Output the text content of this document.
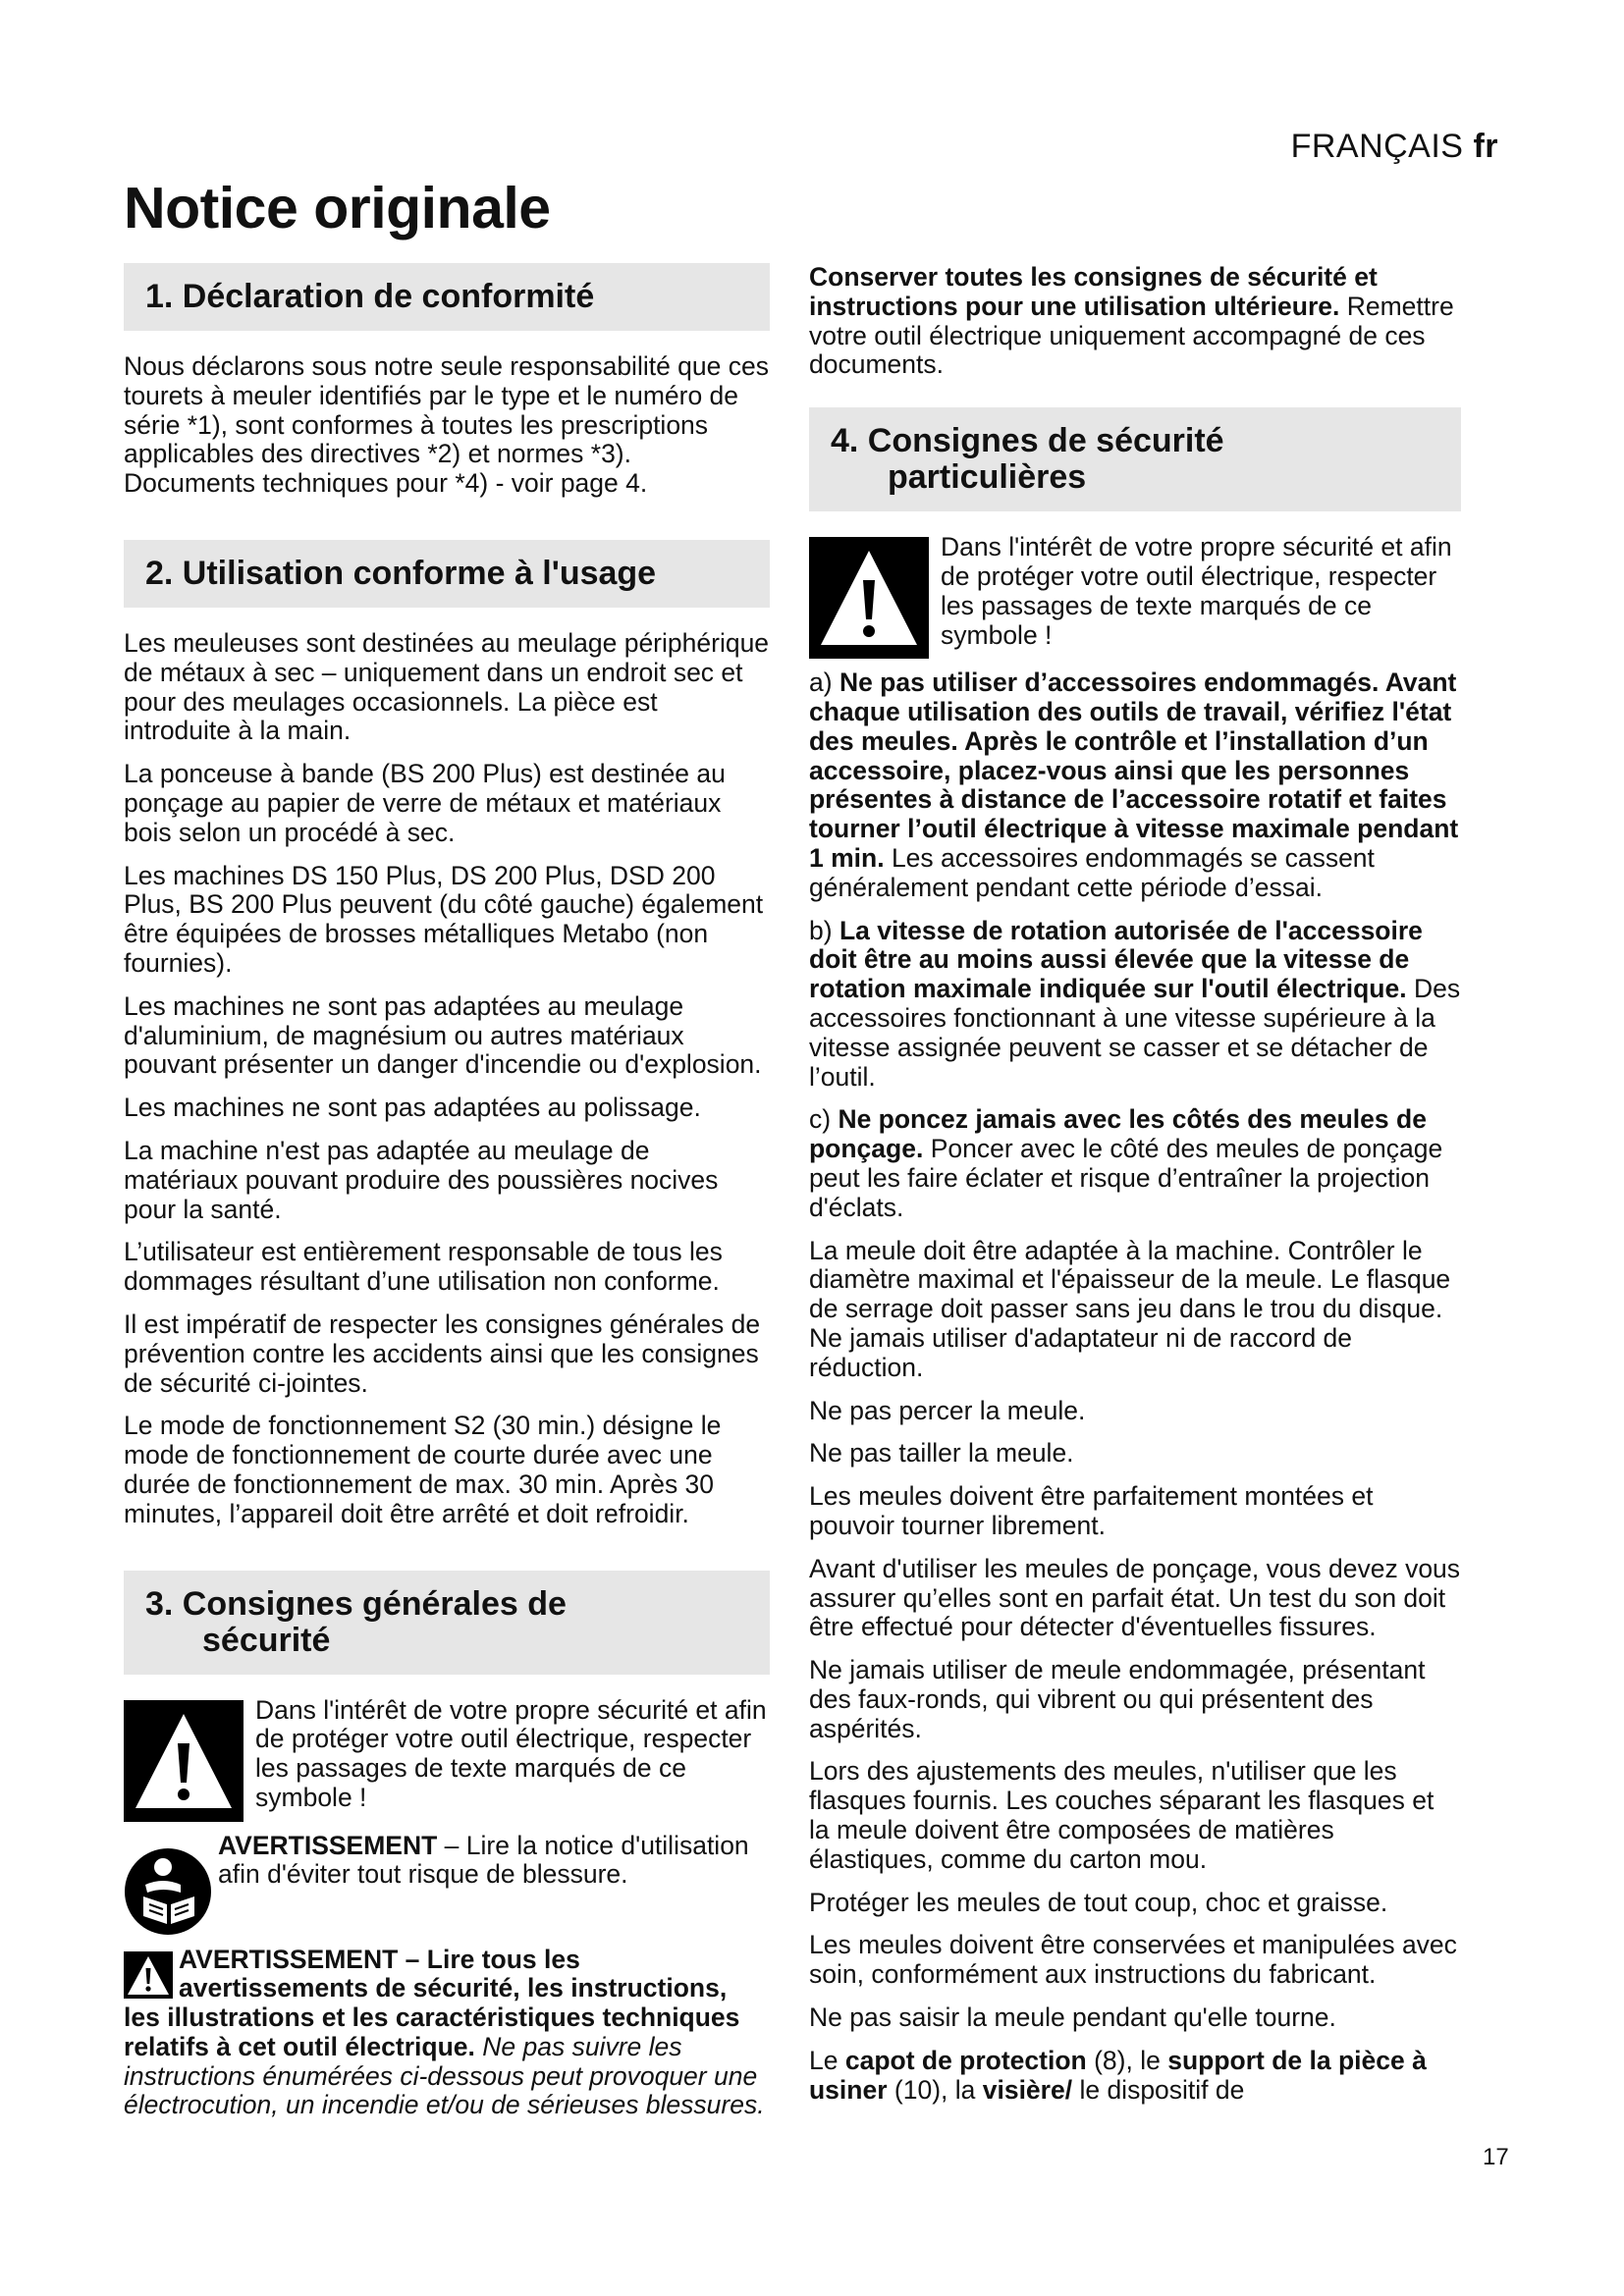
FRANÇAIS fr
Notice originale
1. Déclaration de conformité

Nous déclarons sous notre seule responsabilité que ces tourets à meuler identifiés par le type et le numéro de série *1), sont conformes à toutes les prescriptions applicables des directives *2) et normes *3). Documents techniques pour *4) - voir page 4.

2. Utilisation conforme à l'usage

Les meuleuses sont destinées au meulage périphérique de métaux à sec – uniquement dans un endroit sec et pour des meulages occasionnels. La pièce est introduite à la main.

La ponceuse à bande (BS 200 Plus) est destinée au ponçage au papier de verre de métaux et matériaux bois selon un procédé à sec.

Les machines DS 150 Plus, DS 200 Plus, DSD 200 Plus, BS 200 Plus peuvent (du côté gauche) également être équipées de brosses métalliques Metabo (non fournies).

Les machines ne sont pas adaptées au meulage d'aluminium, de magnésium ou autres matériaux pouvant présenter un danger d'incendie ou d'explosion.

Les machines ne sont pas adaptées au polissage.

La machine n'est pas adaptée au meulage de matériaux pouvant produire des poussières nocives pour la santé.

L’utilisateur est entièrement responsable de tous les dommages résultant d’une utilisation non conforme.

Il est impératif de respecter les consignes générales de prévention contre les accidents ainsi que les consignes de sécurité ci-jointes.

Le mode de fonctionnement S2 (30 min.) désigne le mode de fonctionnement de courte durée avec une durée de fonctionnement de max. 30 min. Après 30 minutes, l’appareil doit être arrêté et doit refroidir.

3. Consignes générales de
sécurité

Dans l'intérêt de votre propre sécurité et afin de protéger votre outil électrique, respecter les passages de texte marqués de ce symbole !

AVERTISSEMENT – Lire la notice d'utilisation afin d'éviter tout risque de blessure.

AVERTISSEMENT – Lire tous les avertissements de sécurité, les instructions, les illustrations et les caractéristiques techniques relatifs à cet outil électrique. Ne pas suivre les instructions énumérées ci-dessous peut provoquer une électrocution, un incendie et/ou de sérieuses blessures.

Conserver toutes les consignes de sécurité et instructions pour une utilisation ultérieure. Remettre votre outil électrique uniquement accompagné de ces documents.

4. Consignes de sécurité
particulières

Dans l'intérêt de votre propre sécurité et afin de protéger votre outil électrique, respecter les passages de texte marqués de ce symbole !

a) Ne pas utiliser d’accessoires endommagés. Avant chaque utilisation des outils de travail, vérifiez l'état des meules. Après le contrôle et l’installation d’un accessoire, placez-vous ainsi que les personnes présentes à distance de l’accessoire rotatif et faites tourner l’outil électrique à vitesse maximale pendant 1 min. Les accessoires endommagés se cassent généralement pendant cette période d’essai.

b) La vitesse de rotation autorisée de l'accessoire doit être au moins aussi élevée que la vitesse de rotation maximale indiquée sur l'outil électrique. Des accessoires fonctionnant à une vitesse supérieure à la vitesse assignée peuvent se casser et se détacher de l’outil.

c) Ne poncez jamais avec les côtés des meules de ponçage. Poncer avec le côté des meules de ponçage peut les faire éclater et risque d’entraîner la projection d'éclats.

La meule doit être adaptée à la machine. Contrôler le diamètre maximal et l'épaisseur de la meule. Le flasque de serrage doit passer sans jeu dans le trou du disque. Ne jamais utiliser d'adaptateur ni de raccord de réduction.

Ne pas percer la meule.

Ne pas tailler la meule.

Les meules doivent être parfaitement montées et pouvoir tourner librement.

Avant d'utiliser les meules de ponçage, vous devez vous assurer qu’elles sont en parfait état. Un test du son doit être effectué pour détecter d'éventuelles fissures.

Ne jamais utiliser de meule endommagée, présentant des faux-ronds, qui vibrent ou qui présentent des aspérités.

Lors des ajustements des meules, n'utiliser que les flasques fournis. Les couches séparant les flasques et la meule doivent être composées de matières élastiques, comme du carton mou.

Protéger les meules de tout coup, choc et graisse.

Les meules doivent être conservées et manipulées avec soin, conformément aux instructions du fabricant.

Ne pas saisir la meule pendant qu'elle tourne.

Le capot de protection (8), le support de la pièce à usiner (10), la visière/ le dispositif de

17
